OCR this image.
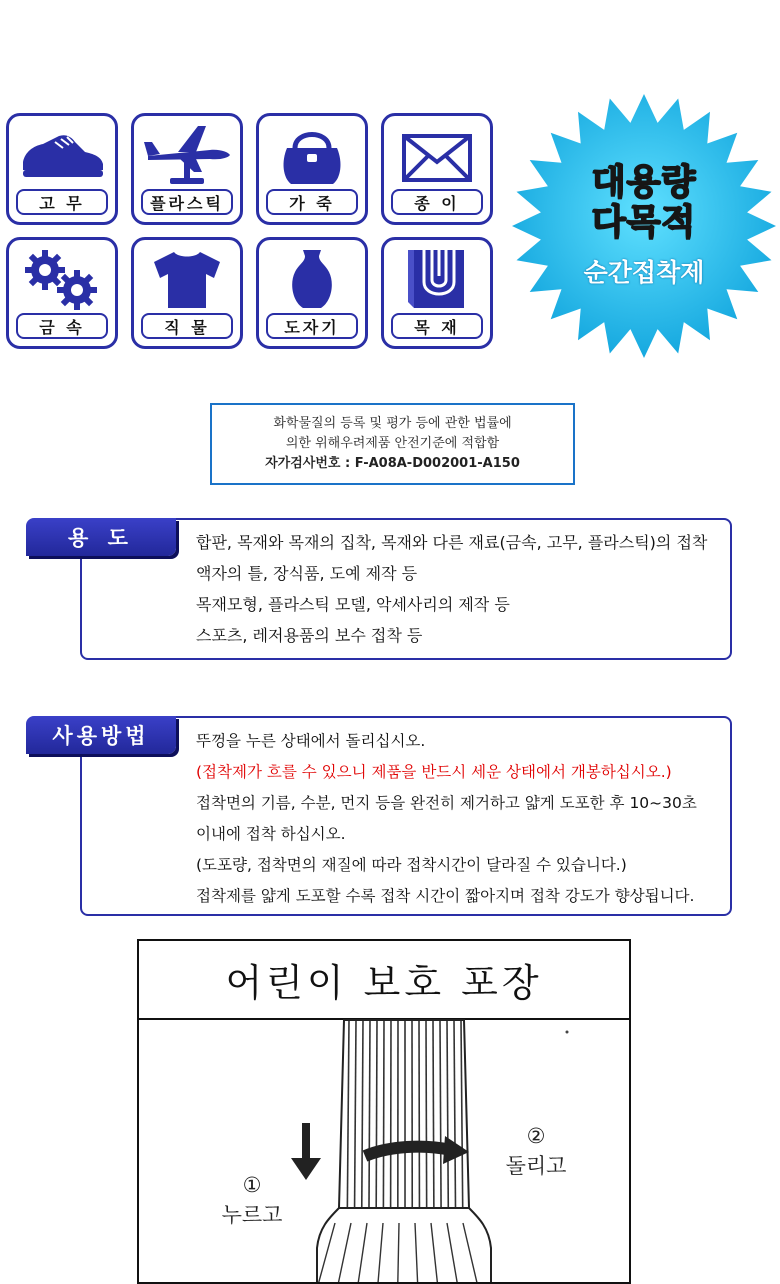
고 무	플라스틱	가 죽	종 이
금 속	직 물	도자기	목 재
대용량
다목적
순간접착제
화학물질의 등록 및 평가 등에 관한 법률에
의한 위해우려제품 안전기준에 적합함
자가검사번호 : F-A08A-D002001-A150
용 도	합판, 목재와 목재의 집착, 목재와 다른 재료(금속, 고무, 플라스틱)의 접착
액자의 틀, 장식품, 도예 제작 등
목재모형, 플라스틱 모델, 악세사리의 제작 등
스포츠, 레저용품의 보수 접착 등
사용방법	뚜껑을 누른 상태에서 돌리십시오.
(접착제가 흐를 수 있으니 제품을 반드시 세운 상태에서 개봉하십시오.)
접착면의 기름, 수분, 먼지 등을 완전히 제거하고 얇게 도포한 후 10~30초
이내에 접착 하십시오.
(도포량, 접착면의 재질에 따라 접착시간이 달라질 수 있습니다.)
접착제를 얇게 도포할 수록 접착 시간이 짧아지며 접착 강도가 향상됩니다.
어린이 보호 포장
①
누르고
②
돌리고
